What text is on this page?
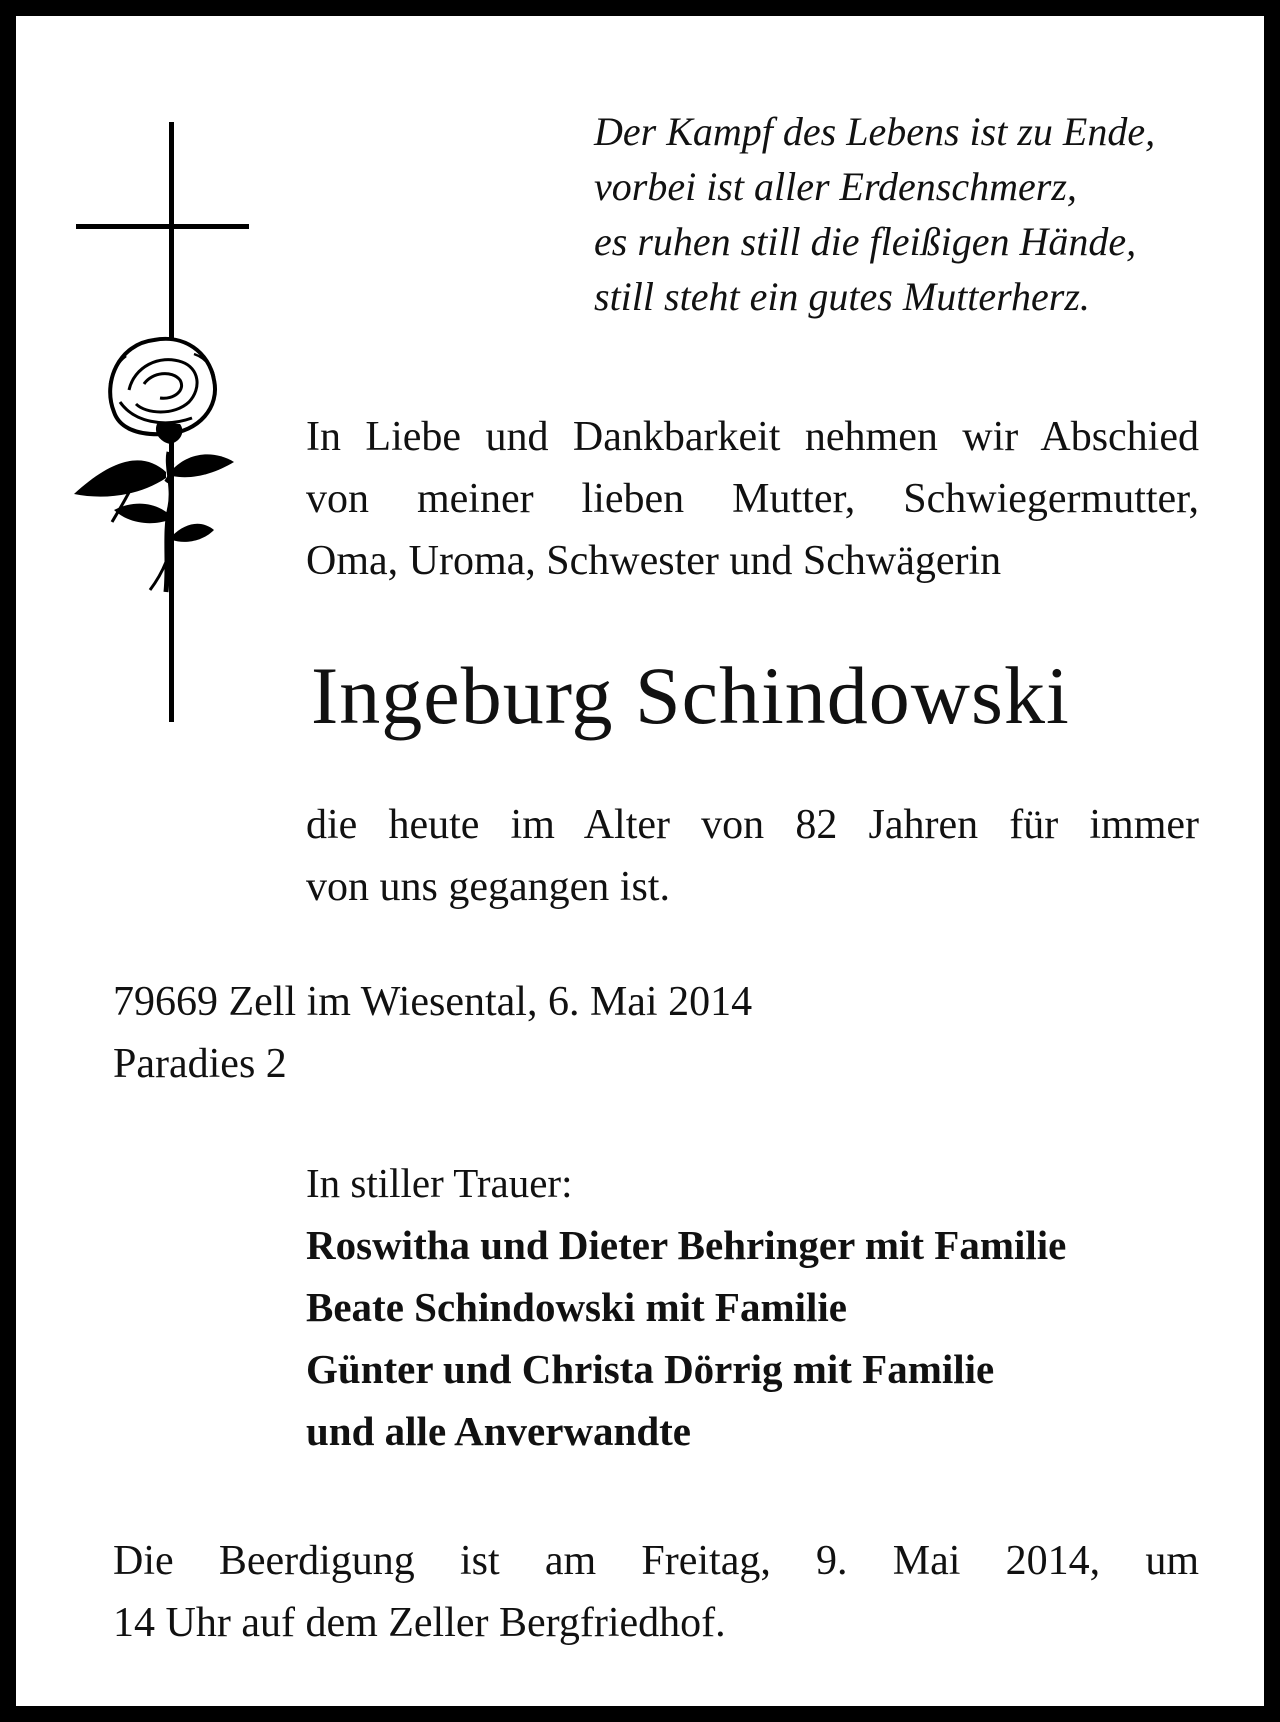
Der Kampf des Lebens ist zu Ende,
vorbei ist aller Erdenschmerz,
es ruhen still die fleißigen Hände,
still steht ein gutes Mutterherz.
In Liebe und Dankbarkeit nehmen wir Abschied
von meiner lieben Mutter, Schwiegermutter,
Oma, Uroma, Schwester und Schwägerin
Ingeburg Schindowski
die heute im Alter von 82 Jahren für immer
von uns gegangen ist.
79669 Zell im Wiesental, 6. Mai 2014
Paradies 2
In stiller Trauer:
Roswitha und Dieter Behringer mit Familie
Beate Schindowski mit Familie
Günter und Christa Dörrig mit Familie
und alle Anverwandte
Die Beerdigung ist am Freitag, 9. Mai 2014, um
14 Uhr auf dem Zeller Bergfriedhof.
